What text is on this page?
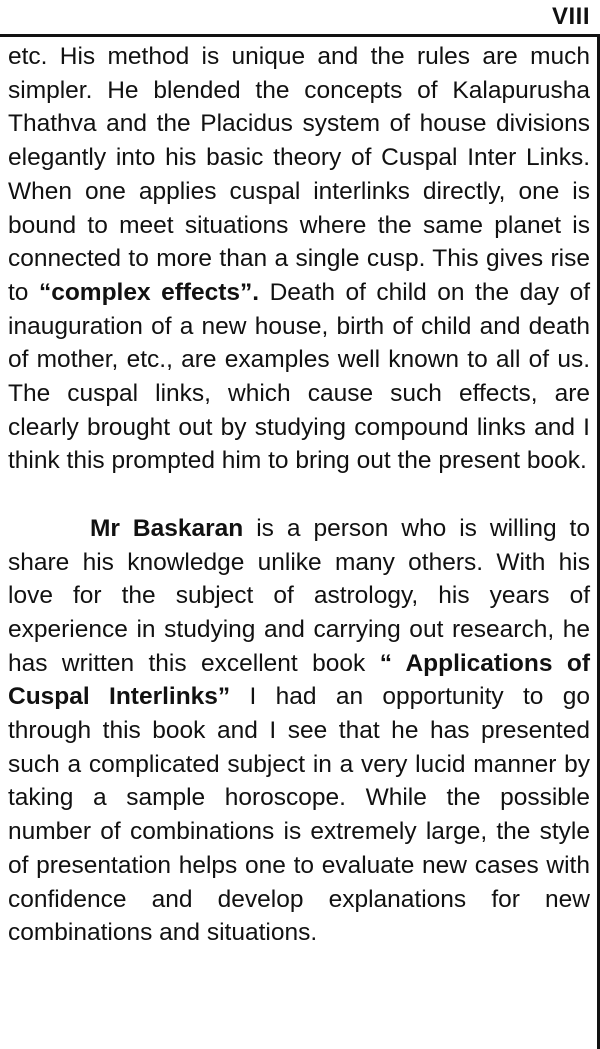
VIII

etc. His method is unique and the rules are much simpler. He blended the concepts of Kalapurusha Thathva and the Placidus system of house divisions elegantly into his basic theory of Cuspal Inter Links. When one applies cuspal interlinks directly, one is bound to meet situations where the same planet is connected to more than a single cusp. This gives rise to “complex effects”. Death of child on the day of inauguration of a new house, birth of child and death of mother, etc., are examples well known to all of us. The cuspal links, which cause such effects, are clearly brought out by studying compound links and I think this prompted him to bring out the present book.

Mr Baskaran is a person who is willing to share his knowledge unlike many others. With his love for the subject of astrology, his years of experience in studying and carrying out research, he has written this excellent book “ Applications of Cuspal Interlinks” I had an opportunity to go through this book and I see that he has presented such a complicated subject in a very lucid manner by taking a sample horoscope. While the possible number of combinations is extremely large, the style of presentation helps one to evaluate new cases with confidence and develop explanations for new combinations and situations.
